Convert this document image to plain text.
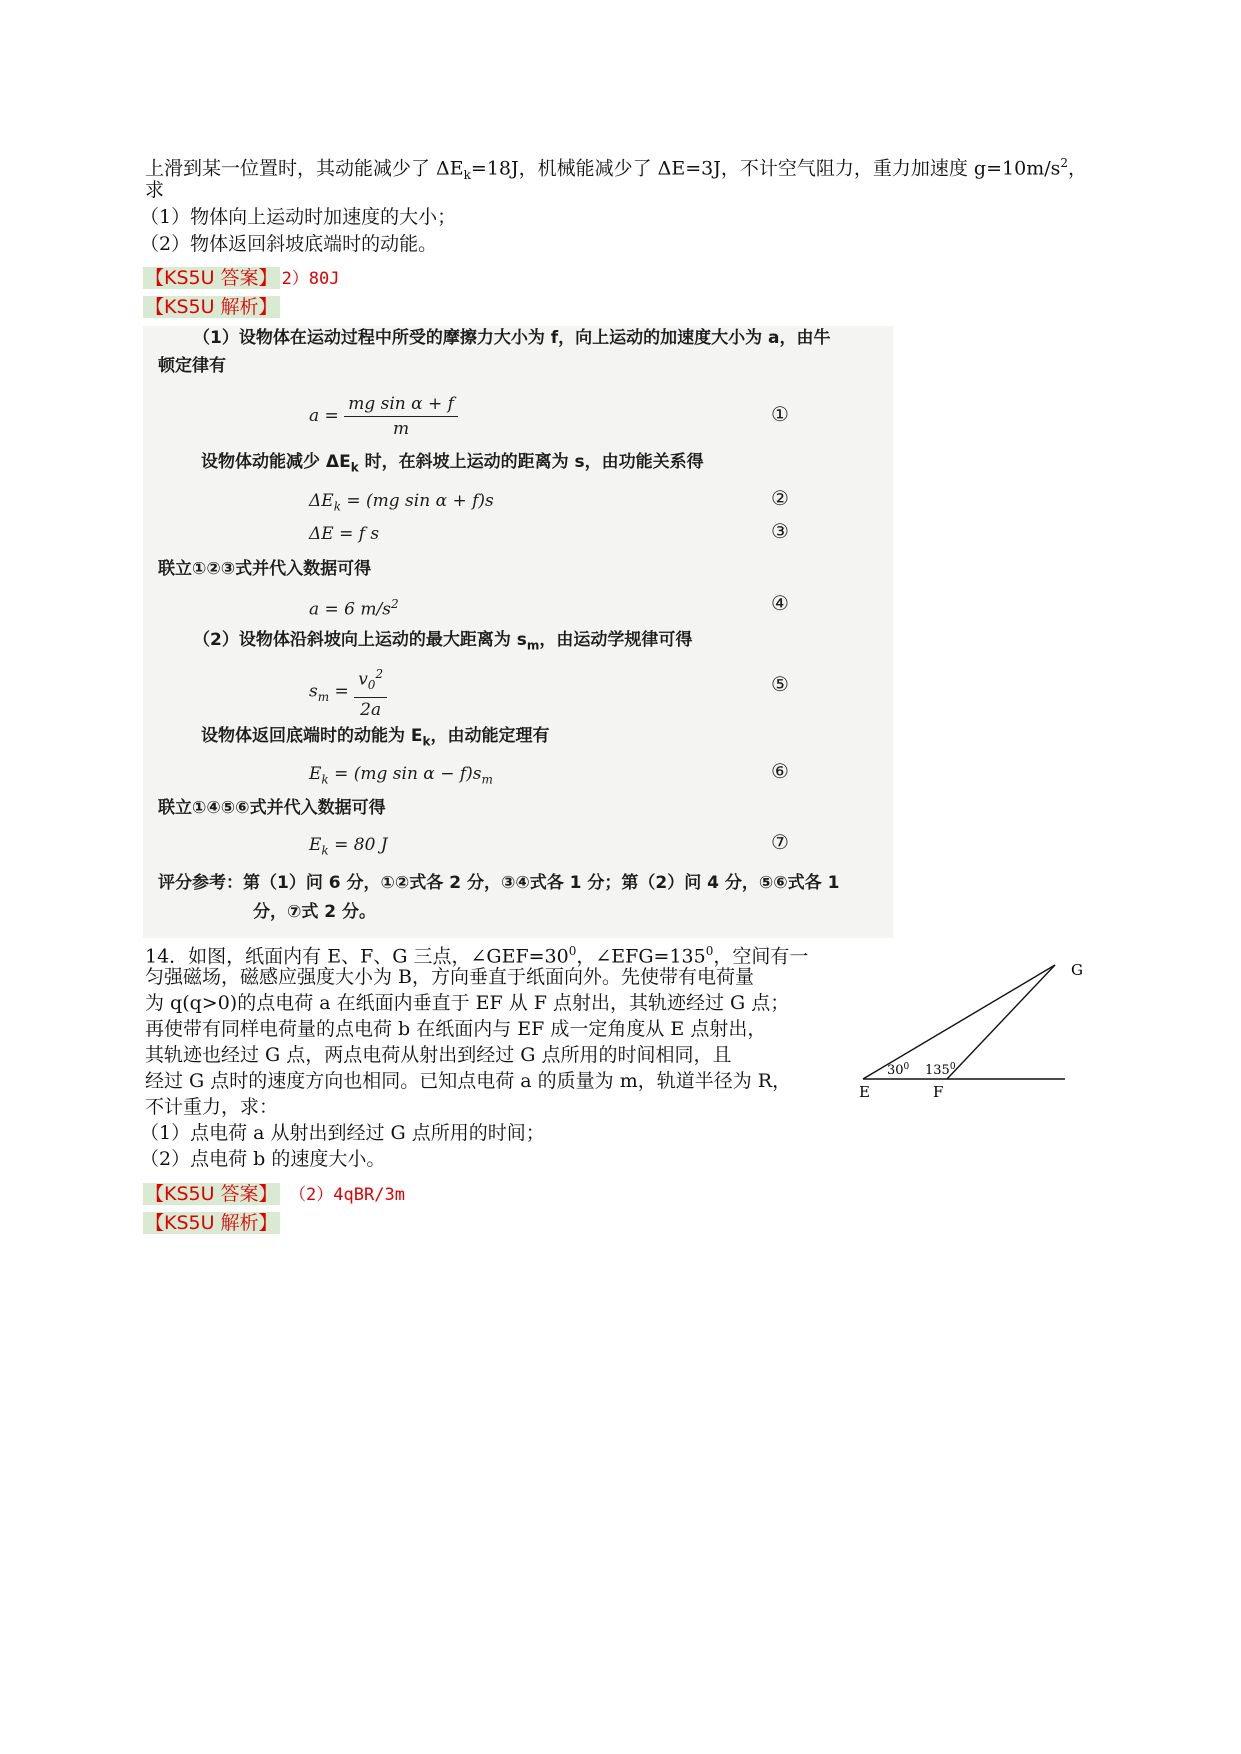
上滑到某一位置时，其动能减少了 $\Delta E_k=18J$，机械能减少了 ΔE=3J，不计空气阻力，重力加速度 $g=10m/s^2$，
求
（1）物体向上运动时加速度的大小；
（2）物体返回斜坡底端时的动能。
【KS5U 答案】 2）80J
【KS5U 解析】
（1）设物体在运动过程中所受的摩擦力大小为 f，向上运动的加速度大小为 a，由牛
顿定律有
$a = \frac{\text{mg sin α + f}}{m}$	①
设物体动能减少 $\Delta E_k$ 时，在斜坡上运动的距离为 s，由功能关系得
$\Delta E_k = (mg$ sin α + f)s	②
ΔE = f s	③
联立①②③式并代入数据可得
a = 6 $m/s^2$	④
（2）设物体沿斜坡向上运动的最大距离为 $s_m$，由运动学规律可得
$s_m = \frac{v_0^2}{2a}$	⑤
设物体返回底端时的动能为 $E_k$，由动能定理有
$E_k = (mg$ $\sin \alpha - f)s_m$	⑥
联立①④⑤⑥式并代入数据可得
$E_k = 80$ J	⑦
评分参考：第（1）问 6 分，①②式各 2 分，③④式各 1 分；第（2）问 4 分，⑤⑥式各 1
分，⑦式 2 分。
14．如图，纸面内有 E、F、G 三点，$\angle GEF=30^0$，$\angle EFG=135^0$，空间有一
匀强磁场，磁感应强度大小为 B，方向垂直于纸面向外。先使带有电荷量
为 q(q>0)的点电荷 a 在纸面内垂直于 EF 从 F 点射出，其轨迹经过 G 点；
再使带有同样电荷量的点电荷 b 在纸面内与 EF 成一定角度从 E 点射出，
其轨迹也经过 G 点，两点电荷从射出到经过 G 点所用的时间相同，且
经过 G 点时的速度方向也相同。已知点电荷 a 的质量为 m，轨道半径为 R，
不计重力，求：
（1）点电荷 a 从射出到经过 G 点所用的时间；
（2）点电荷 b 的速度大小。
【KS5U 答案】 （2）4qBR/3m
【KS5U 解析】
G
E	F
$30^0$ $135^0$
